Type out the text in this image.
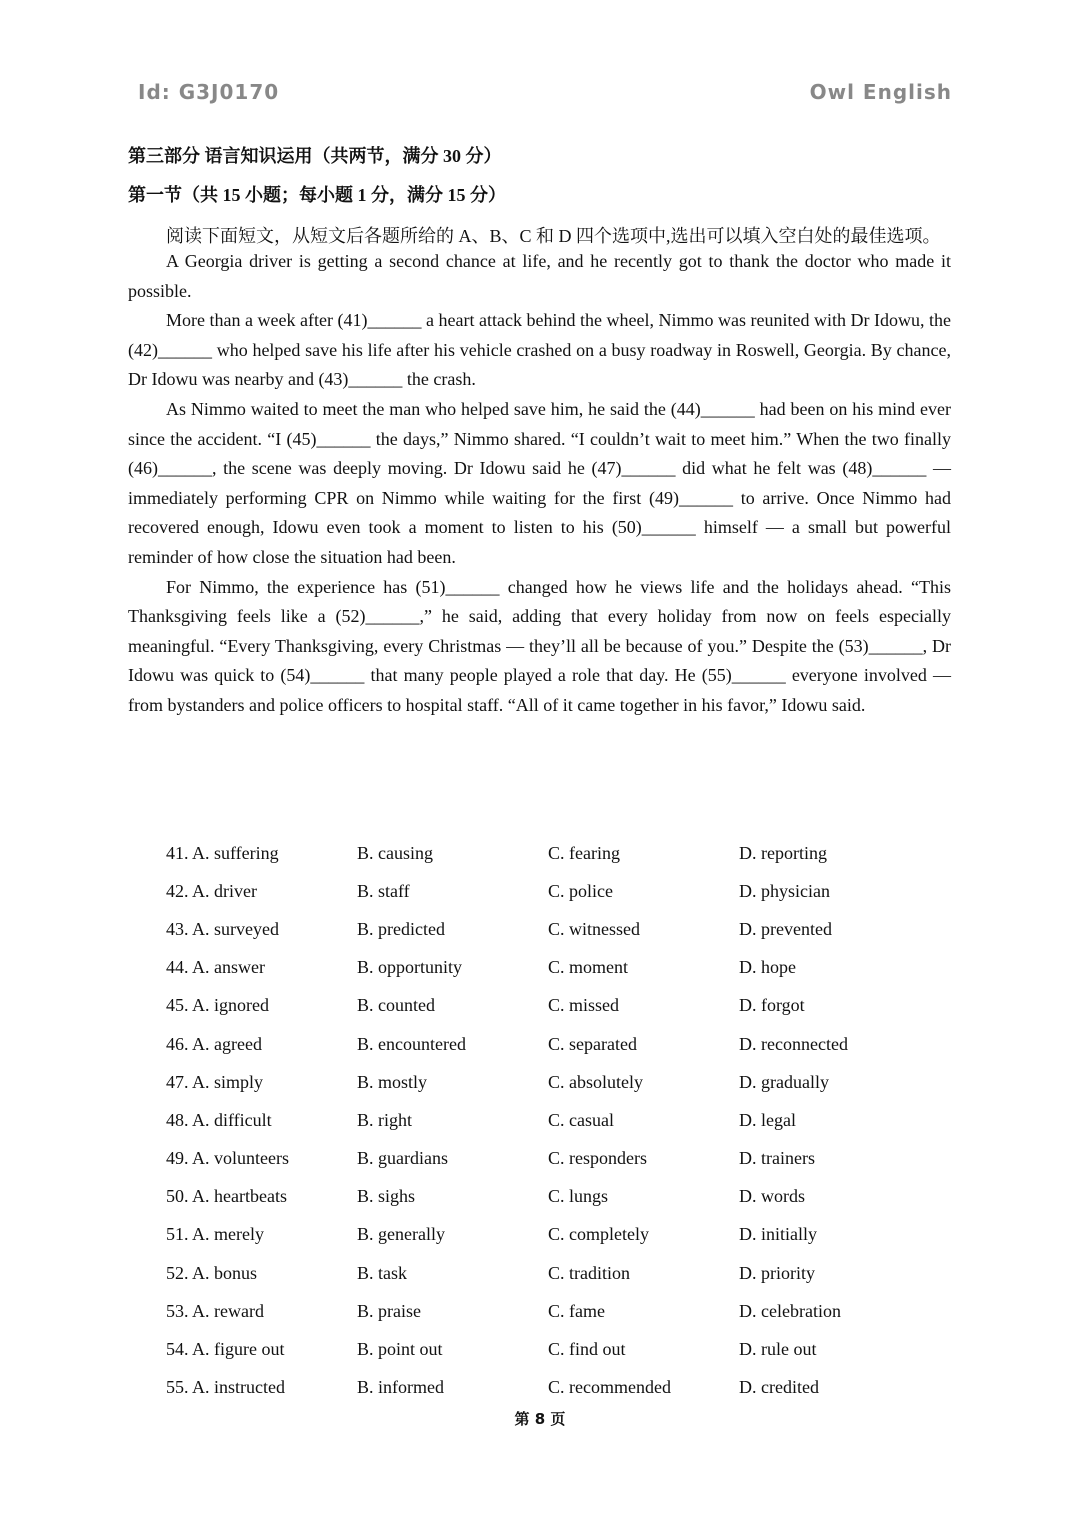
Id: G3J0170	Owl English
第三部分 语言知识运用（共两节，满分 30 分）
第一节（共 15 小题；每小题 1 分，满分 15 分）

阅读下面短文，从短文后各题所给的 A、B、C 和 D 四个选项中,选出可以填入空白处的最佳选项。

A Georgia driver is getting a second chance at life, and he recently got to thank the doctor who made it possible.

More than a week after (41)______ a heart attack behind the wheel, Nimmo was reunited with Dr Idowu, the (42)______ who helped save his life after his vehicle crashed on a busy roadway in Roswell, Georgia. By chance, Dr Idowu was nearby and (43)______ the crash.

As Nimmo waited to meet the man who helped save him, he said the (44)______ had been on his mind ever since the accident. “I (45)______ the days,” Nimmo shared. “I couldn’t wait to meet him.” When the two finally (46)______, the scene was deeply moving. Dr Idowu said he (47)______ did what he felt was (48)______ — immediately performing CPR on Nimmo while waiting for the first (49)______ to arrive. Once Nimmo had recovered enough, Idowu even took a moment to listen to his (50)______ himself — a small but powerful reminder of how close the situation had been.

For Nimmo, the experience has (51)______ changed how he views life and the holidays ahead. “This Thanksgiving feels like a (52)______,” he said, adding that every holiday from now on feels especially meaningful. “Every Thanksgiving, every Christmas — they’ll all be because of you.” Despite the (53)______, Dr Idowu was quick to (54)______ that many people played a role that day. He (55)______ everyone involved — from bystanders and police officers to hospital staff. “All of it came together in his favor,” Idowu said.

41. A. suffering	B. causing	C. fearing	D. reporting
42. A. driver	B. staff	C. police	D. physician
43. A. surveyed	B. predicted	C. witnessed	D. prevented
44. A. answer	B. opportunity	C. moment	D. hope
45. A. ignored	B. counted	C. missed	D. forgot
46. A. agreed	B. encountered	C. separated	D. reconnected
47. A. simply	B. mostly	C. absolutely	D. gradually
48. A. difficult	B. right	C. casual	D. legal
49. A. volunteers	B. guardians	C. responders	D. trainers
50. A. heartbeats	B. sighs	C. lungs	D. words
51. A. merely	B. generally	C. completely	D. initially
52. A. bonus	B. task	C. tradition	D. priority
53. A. reward	B. praise	C. fame	D. celebration
54. A. figure out	B. point out	C. find out	D. rule out
55. A. instructed	B. informed	C. recommended	D. credited
第 8 页
